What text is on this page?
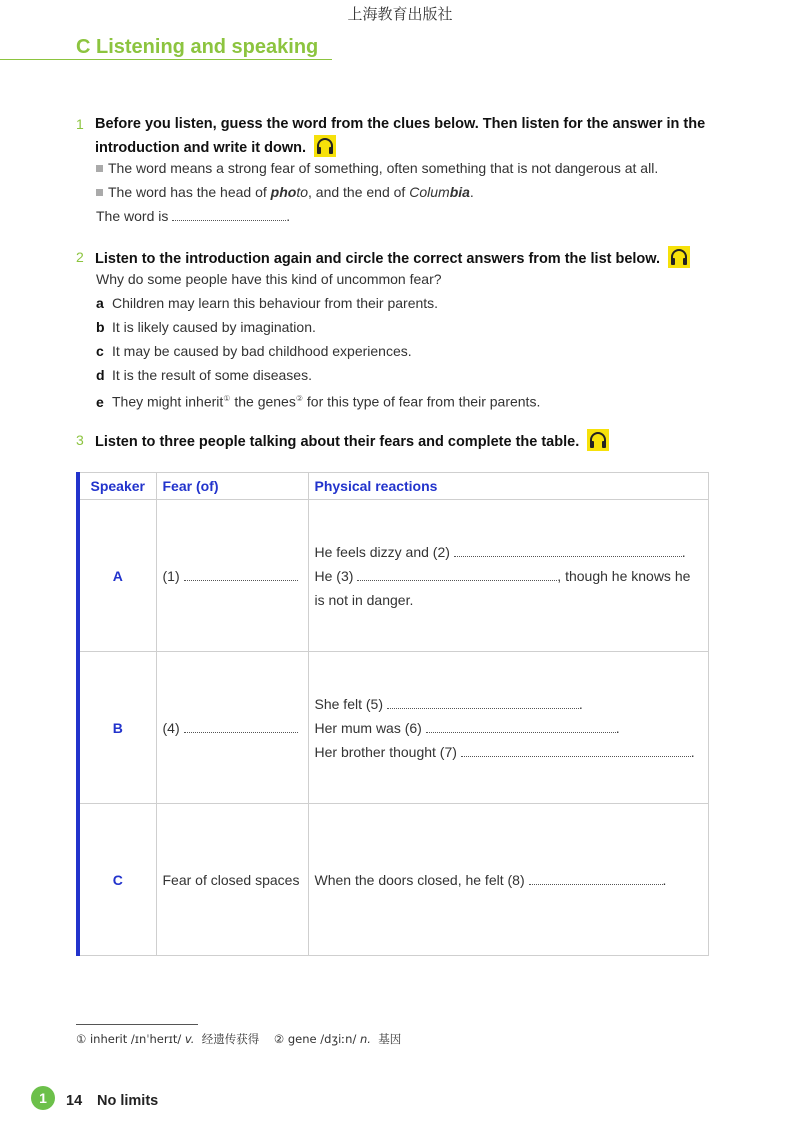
上海教育出版社
C Listening and speaking
1 Before you listen, guess the word from the clues below. Then listen for the answer in the
introduction and write it down.
The word means a strong fear of something, often something that is not dangerous at all.
The word has the head of photo, and the end of Columbia.
The word is	.
2 Listen to the introduction again and circle the correct answers from the list below.
Why do some people have this kind of uncommon fear?
a Children may learn this behaviour from their parents.
b It is likely caused by imagination.
c It may be caused by bad childhood experiences.
d It is the result of some diseases.
e They might inherit① the genes② for this type of fear from their parents.
3 Listen to three people talking about their fears and complete the table.
Speaker	Fear (of)	Physical reactions
A	(1)	He feels dizzy and (2) .
He (3) , though he knows he
is not in danger.

B	(4)	She felt (5) .
Her mum was (6) .
Her brother thought (7) .

C	Fear of closed spaces	When the doors closed, he felt (8) .
① inherit /ɪnˈherɪt/ v. 经遗传获得 ② gene /dʒiːn/ n. 基因
1	14 No limits
